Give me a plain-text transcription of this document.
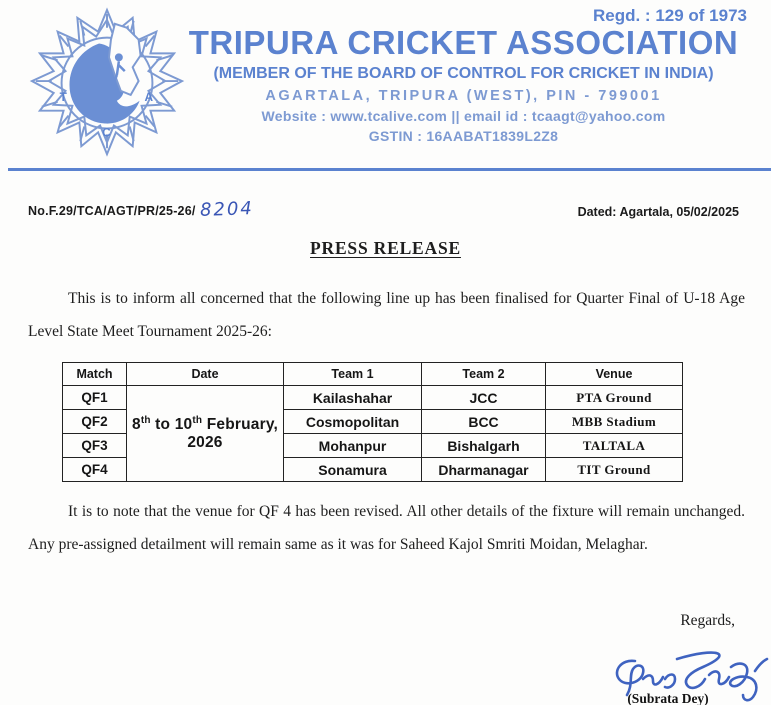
T	A
C
Regd. : 129 of 1973
TRIPURA CRICKET ASSOCIATION
(MEMBER OF THE BOARD OF CONTROL FOR CRICKET IN INDIA)
AGARTALA, TRIPURA (WEST), PIN - 799001
Website : www.tcalive.com || email id : tcaagt@yahoo.com
GSTIN : 16AABAT1839L2Z8
No.F.29/TCA/AGT/PR/25-26/ 8204	Dated: Agartala, 05/02/2025
PRESS RELEASE
This is to inform all concerned that the following line up has been finalised for Quarter Final of U-18 Age Level State Meet Tournament 2025-26:
Match	Date	Team 1	Team 2	Venue
QF1	8th to 10th February, 2026	Kailashahar	JCC	PTA Ground
QF2		Cosmopolitan	BCC	MBB Stadium
QF3		Mohanpur	Bishalgarh	TALTALA
QF4		Sonamura	Dharmanagar	TIT Ground
It is to note that the venue for QF 4 has been revised. All other details of the fixture will remain unchanged. Any pre-assigned detailment will remain same as it was for Saheed Kajol Smriti Moidan, Melaghar.
Regards,
(Subrata Dey)
